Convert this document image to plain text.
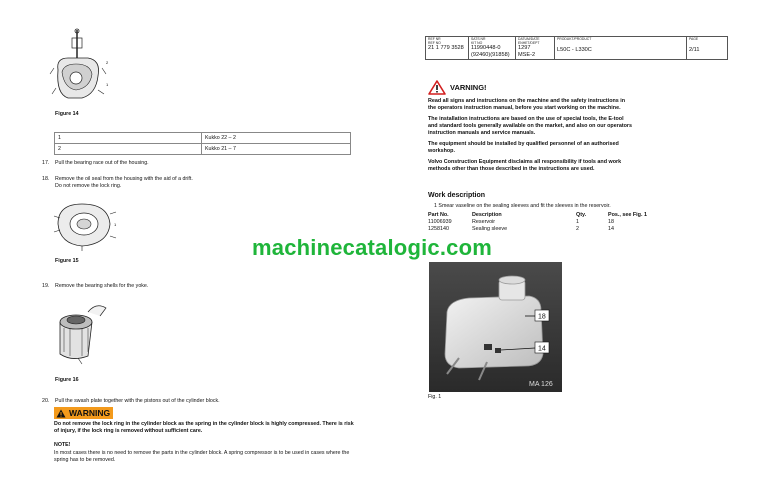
2
1
Figure 14
1	Kukko 22 – 2
2	Kukko 21 – 7
17. Pull the bearing race out of the housing.
18. Remove the oil seal from the housing with the aid of a drift.
Do not remove the lock ring.
1
Figure 15
19. Remove the bearing shells for the yoke.
Figure 16
20. Pull the swash plate together with the pistons out of the cylinder block.
WARNING
Do not remove the lock ring in the cylinder block as the spring in the cylinder block is highly compressed. There is risk of injury, if the lock ring is removed without sufficient care.
NOTE!
In most cases there is no need to remove the parts in the cylinder block. A spring compressor is to be used in cases where the spring has to be removed.
REF NR
REF NO
21 1 779 3528

SATS NR
KIT NO
11990448-0
(92460)(91858)

DATUM/DATE
ENHET/DEPT
1297
MSE-2

PRODUKT/PRODUCT
L50C - L330C

PAGE
2/11
VARNING!

Read all signs and instructions on the machine and the safety instructions in the operators instruction manual, before you start working on the machine.

The installation instructions are based on the use of special tools, the E-tool and standard tools generally available on the market, and also on our operators instruction manuals and service manuals.

The equipment should be installed by qualified personnel of an authorised workshop.

Volvo Construction Equipment disclaims all responsibility if tools and work methods other than those described in the instructions are used.

Work description
1 Smear vaseline on the sealing sleeves and fit the sleeves in the reservoir.
Part No.	Description	Qty.	Pos., see Fig. 1
11006939	Reservoir	1	18
1258140	Sealing sleeve	2	14
18
14
MA 126
Fig. 1
machinecatalogic.com
